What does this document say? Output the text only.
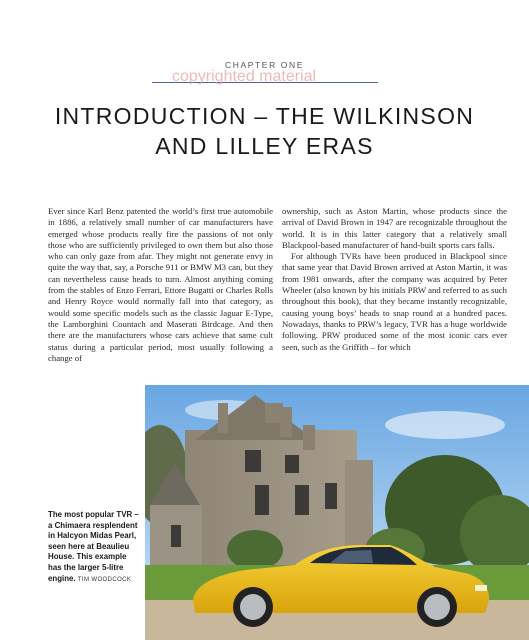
CHAPTER ONE
copyrighted material
INTRODUCTION – THE WILKINSON
AND LILLEY ERAS

Ever since Karl Benz patented the world’s first true automobile in 1886, a relatively small number of car manufacturers have emerged whose products really fire the passions of not only those who are sufficiently privileged to own them but also those who can only gaze from afar. They might not generate envy in quite the way that, say, a Porsche 911 or BMW M3 can, but they can nevertheless cause heads to turn. Almost anything coming from the stables of Enzo Ferrari, Ettore Bugatti or Charles Rolls and Henry Royce would normally fall into that category, as would some specific models such as the classic Jaguar E-Type, the Lamborghini Countach and Maserati Birdcage. And then there are the manufacturers whose cars achieve that same cult status during a particular period, most usually following a change of

ownership, such as Aston Martin, whose products since the arrival of David Brown in 1947 are recognizable throughout the world. It is in this latter category that a relatively small Blackpool-based manufacturer of hand-built sports cars falls.

For although TVRs have been produced in Blackpool since that same year that David Brown arrived at Aston Martin, it was from 1981 onwards, after the company was acquired by Peter Wheeler (also known by his initials PRW and referred to as such throughout this book), that they became instantly recognizable, causing young boys’ heads to snap round at a hundred paces. Nowadays, thanks to PRW’s legacy, TVR has a huge worldwide following. PRW produced some of the most iconic cars ever seen, such as the Griffith – for which

The most popular TVR – a Chimaera resplendent in Halcyon Midas Pearl, seen here at Beaulieu House. This example has the larger 5-litre engine. TIM WOODCOCK
